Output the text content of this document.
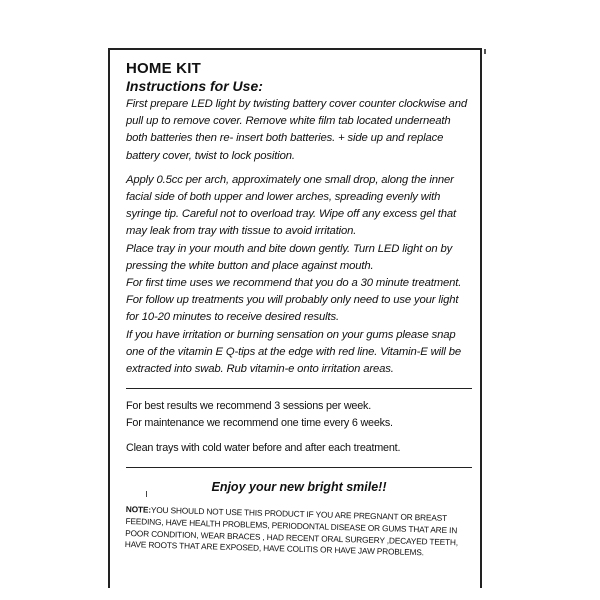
HOME KIT
Instructions for Use:

First prepare LED light by twisting battery cover counter clockwise and pull up to remove cover. Remove white film tab located underneath both batteries then re- insert both batteries. + side up and replace battery cover, twist to lock position.

Apply 0.5cc per arch, approximately one small drop, along the inner facial side of both upper and lower arches, spreading evenly with syringe tip. Careful not to overload tray. Wipe off any excess gel that may leak from tray with tissue to avoid irritation.

Place tray in your mouth and bite down gently. Turn LED light on by pressing the white button and place against mouth.

For first time uses we recommend that you do a 30 minute treatment. For follow up treatments you will probably only need to use your light for 10-20 minutes to receive desired results.

If you have irritation or burning sensation on your gums please snap one of the vitamin E Q-tips at the edge with red line. Vitamin-E will be extracted into swab. Rub vitamin-e onto irritation areas.

For best results we recommend 3 sessions per week.

For maintenance we recommend one time every 6 weeks.

Clean trays with cold water before and after each treatment.

Enjoy your new bright smile!!

NOTE:YOU SHOULD NOT USE THIS PRODUCT IF YOU ARE PREGNANT OR BREAST FEEDING, HAVE HEALTH PROBLEMS, PERIODONTAL DISEASE OR GUMS THAT ARE IN POOR CONDITION, WEAR BRACES , HAD RECENT ORAL SURGERY ,DECAYED TEETH, HAVE ROOTS THAT ARE EXPOSED, HAVE COLITIS OR HAVE JAW PROBLEMS.
